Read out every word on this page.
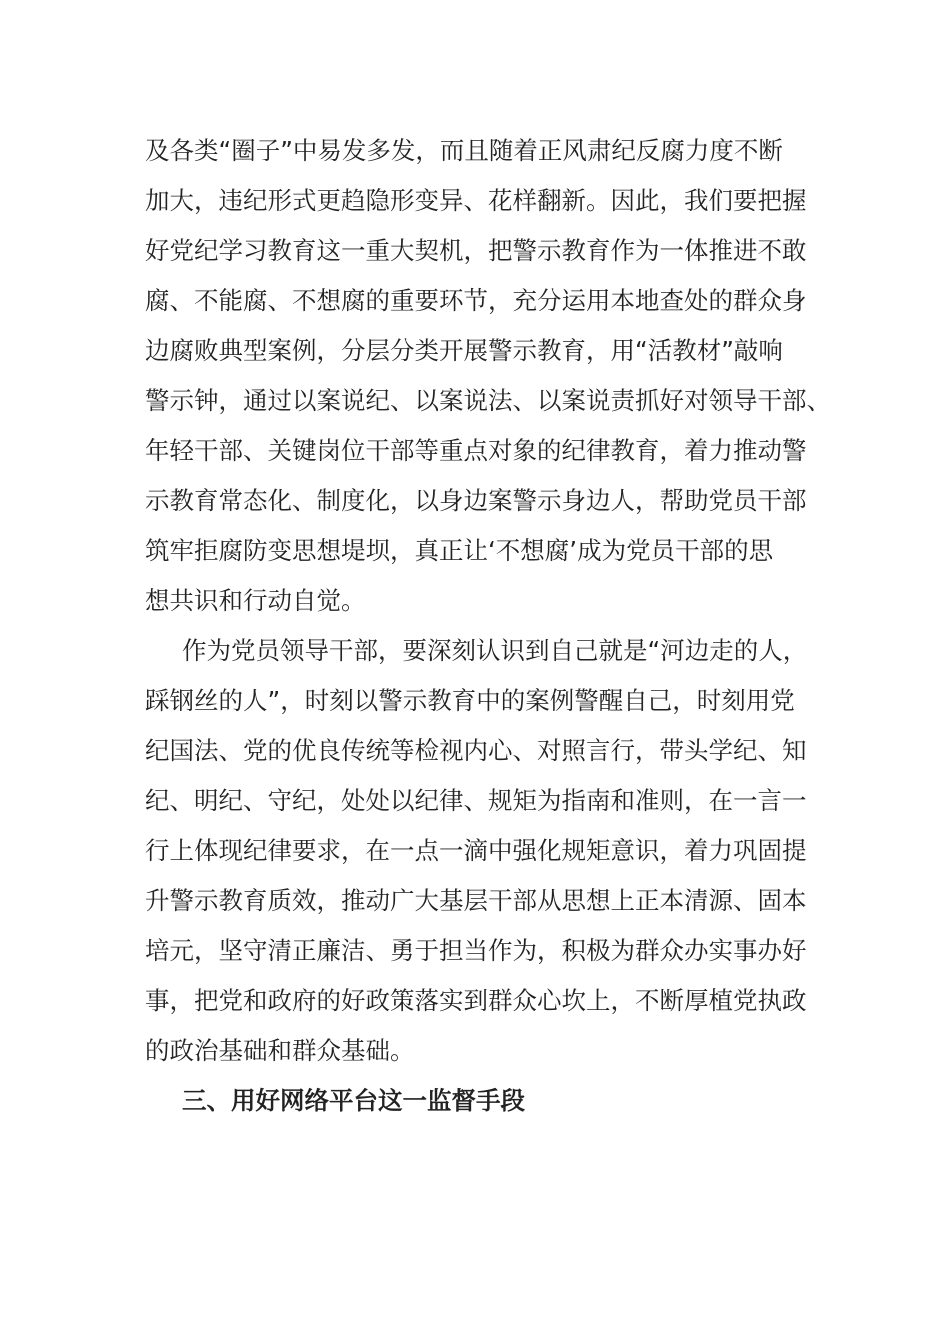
及各类“圈子”中易发多发，而且随着正风肃纪反腐力度不断
加大，违纪形式更趋隐形变异、花样翻新。因此，我们要把握
好党纪学习教育这一重大契机，把警示教育作为一体推进不敢
腐、不能腐、不想腐的重要环节，充分运用本地查处的群众身
边腐败典型案例，分层分类开展警示教育，用“活教材”敲响
警示钟，通过以案说纪、以案说法、以案说责抓好对领导干部、
年轻干部、关键岗位干部等重点对象的纪律教育，着力推动警
示教育常态化、制度化，以身边案警示身边人，帮助党员干部
筑牢拒腐防变思想堤坝，真正让‘不想腐’成为党员干部的思
想共识和行动自觉。
作为党员领导干部，要深刻认识到自己就是“河边走的人，
踩钢丝的人”，时刻以警示教育中的案例警醒自己，时刻用党
纪国法、党的优良传统等检视内心、对照言行，带头学纪、知
纪、明纪、守纪，处处以纪律、规矩为指南和准则，在一言一
行上体现纪律要求，在一点一滴中强化规矩意识，着力巩固提
升警示教育质效，推动广大基层干部从思想上正本清源、固本
培元，坚守清正廉洁、勇于担当作为，积极为群众办实事办好
事，把党和政府的好政策落实到群众心坎上，不断厚植党执政
的政治基础和群众基础。
三、用好网络平台这一监督手段
